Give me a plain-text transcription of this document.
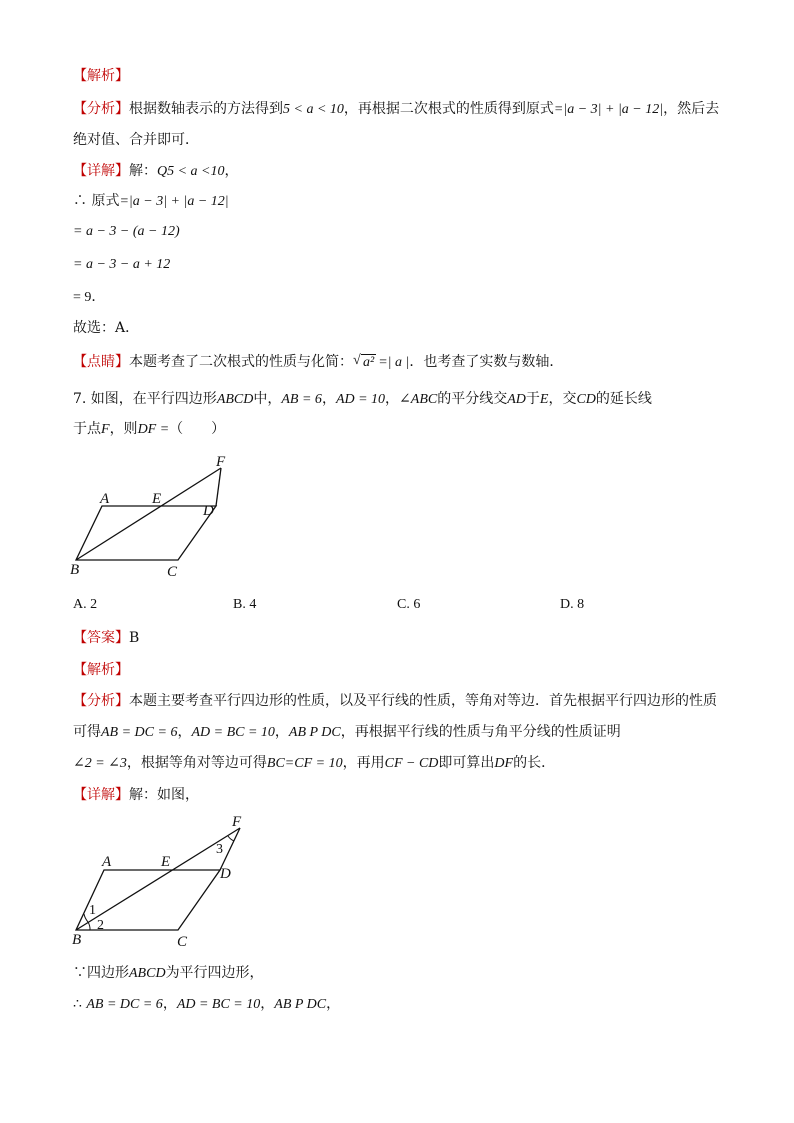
【解析】
【分析】根据数轴表示的方法得到5 < a < 10，再根据二次根式的性质得到原式=|a − 3| + |a − 12|，然后去
绝对值、合并即可．
【详解】解：Q5 < a <10，
∴ 原式=|a − 3| + |a − 12|
= a − 3 − (a − 12)
= a − 3 − a + 12
= 9．
故选：A．
【点睛】本题考查了二次根式的性质与化简： √ a² =| a |．也考查了实数与数轴．
7. 如图，在平行四边形ABCD中，AB = 6，AD = 10，∠ABC的平分线交AD于E，交CD的延长线
于点F，则DF =（　　）
A	E
D
F
B	C
A. 2	B. 4	C. 6	D. 8
【答案】B
【解析】
【分析】本题主要考查平行四边形的性质，以及平行线的性质，等角对等边．首先根据平行四边形的性质
可得AB = DC = 6，AD = BC = 10，AB P DC，再根据平行线的性质与角平分线的性质证明
∠2 = ∠3，根据等角对等边可得BC=CF = 10，再用CF − CD即可算出DF的长．
【详解】解：如图，
A	E
D
F
B	C
1
2
3
∵四边形ABCD为平行四边形，
∴ AB = DC = 6，AD = BC = 10，AB P DC，
